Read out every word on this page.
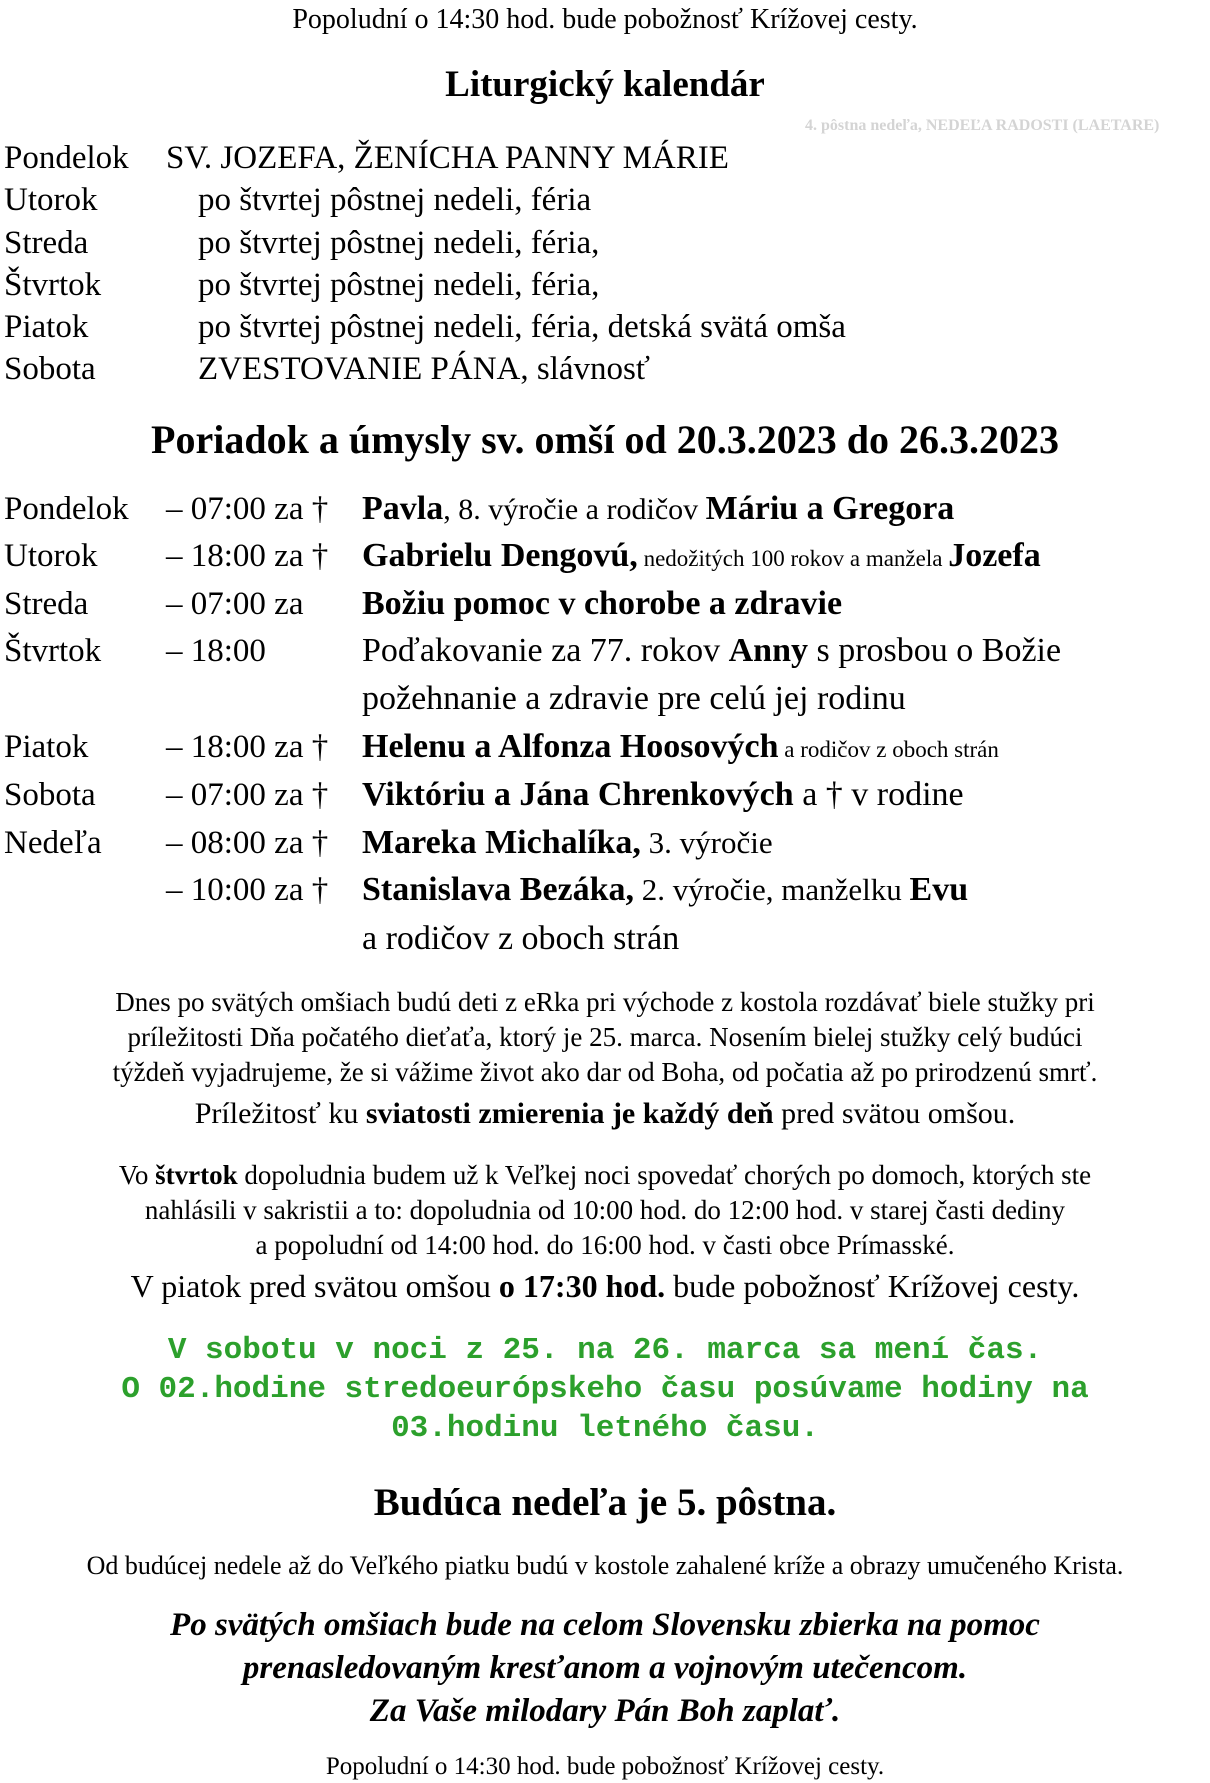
Popoludní o 14:30 hod. bude pobožnosť Krížovej cesty.
Liturgický kalendár
4. pôstna nedeľa, NEDEĽA RADOSTI (LAETARE)
Pondelok SV. JOZEFA, ŽENÍCHA PANNY MÁRIE
Utorok	po štvrtej pôstnej nedeli, féria
Streda	po štvrtej pôstnej nedeli, féria,
Štvrtok	po štvrtej pôstnej nedeli, féria,
Piatok	po štvrtej pôstnej nedeli, féria, detská svätá omša
Sobota	ZVESTOVANIE PÁNA, slávnosť
Poriadok a úmysly sv. omší od 20.3.2023 do 26.3.2023
Pondelok – 07:00 za † Pavla, 8. výročie a rodičov Máriu a Gregora
Utorok – 18:00 za † Gabrielu Dengovú, nedožitých 100 rokov a manžela Jozefa
Streda – 07:00 za Božiu pomoc v chorobe a zdravie
Štvrtok – 18:00	Poďakovanie za 77. rokov Anny s prosbou o Božie
požehnanie a zdravie pre celú jej rodinu
Piatok – 18:00 za † Helenu a Alfonza Hoosových a rodičov z oboch strán
Sobota – 07:00 za † Viktóriu a Jána Chrenkových a † v rodine
Nedeľa – 08:00 za † Mareka Michalíka, 3. výročie
– 10:00 za † Stanislava Bezáka, 2. výročie, manželku Evu
a rodičov z oboch strán
Dnes po svätých omšiach budú deti z eRka pri východe z kostola rozdávať biele stužky pri
príležitosti Dňa počatého dieťaťa, ktorý je 25. marca. Nosením bielej stužky celý budúci
týždeň vyjadrujeme, že si vážime život ako dar od Boha, od počatia až po prirodzenú smrť.
Príležitosť ku sviatosti zmierenia je každý deň pred svätou omšou.
Vo štvrtok dopoludnia budem už k Veľkej noci spovedať chorých po domoch, ktorých ste
nahlásili v sakristii a to: dopoludnia od 10:00 hod. do 12:00 hod. v starej časti dediny
a popoludní od 14:00 hod. do 16:00 hod. v časti obce Prímasské.
V piatok pred svätou omšou o 17:30 hod. bude pobožnosť Krížovej cesty.
V sobotu v noci z 25. na 26. marca sa mení čas.
O 02.hodine stredoeurópskeho času posúvame hodiny na
03.hodinu letného času.
Budúca nedeľa je 5. pôstna.
Od budúcej nedele až do Veľkého piatku budú v kostole zahalené kríže a obrazy umučeného Krista.
Po svätých omšiach bude na celom Slovensku zbierka na pomoc
prenasledovaným kresťanom a vojnovým utečencom.
Za Vaše milodary Pán Boh zaplať.
Popoludní o 14:30 hod. bude pobožnosť Krížovej cesty.
